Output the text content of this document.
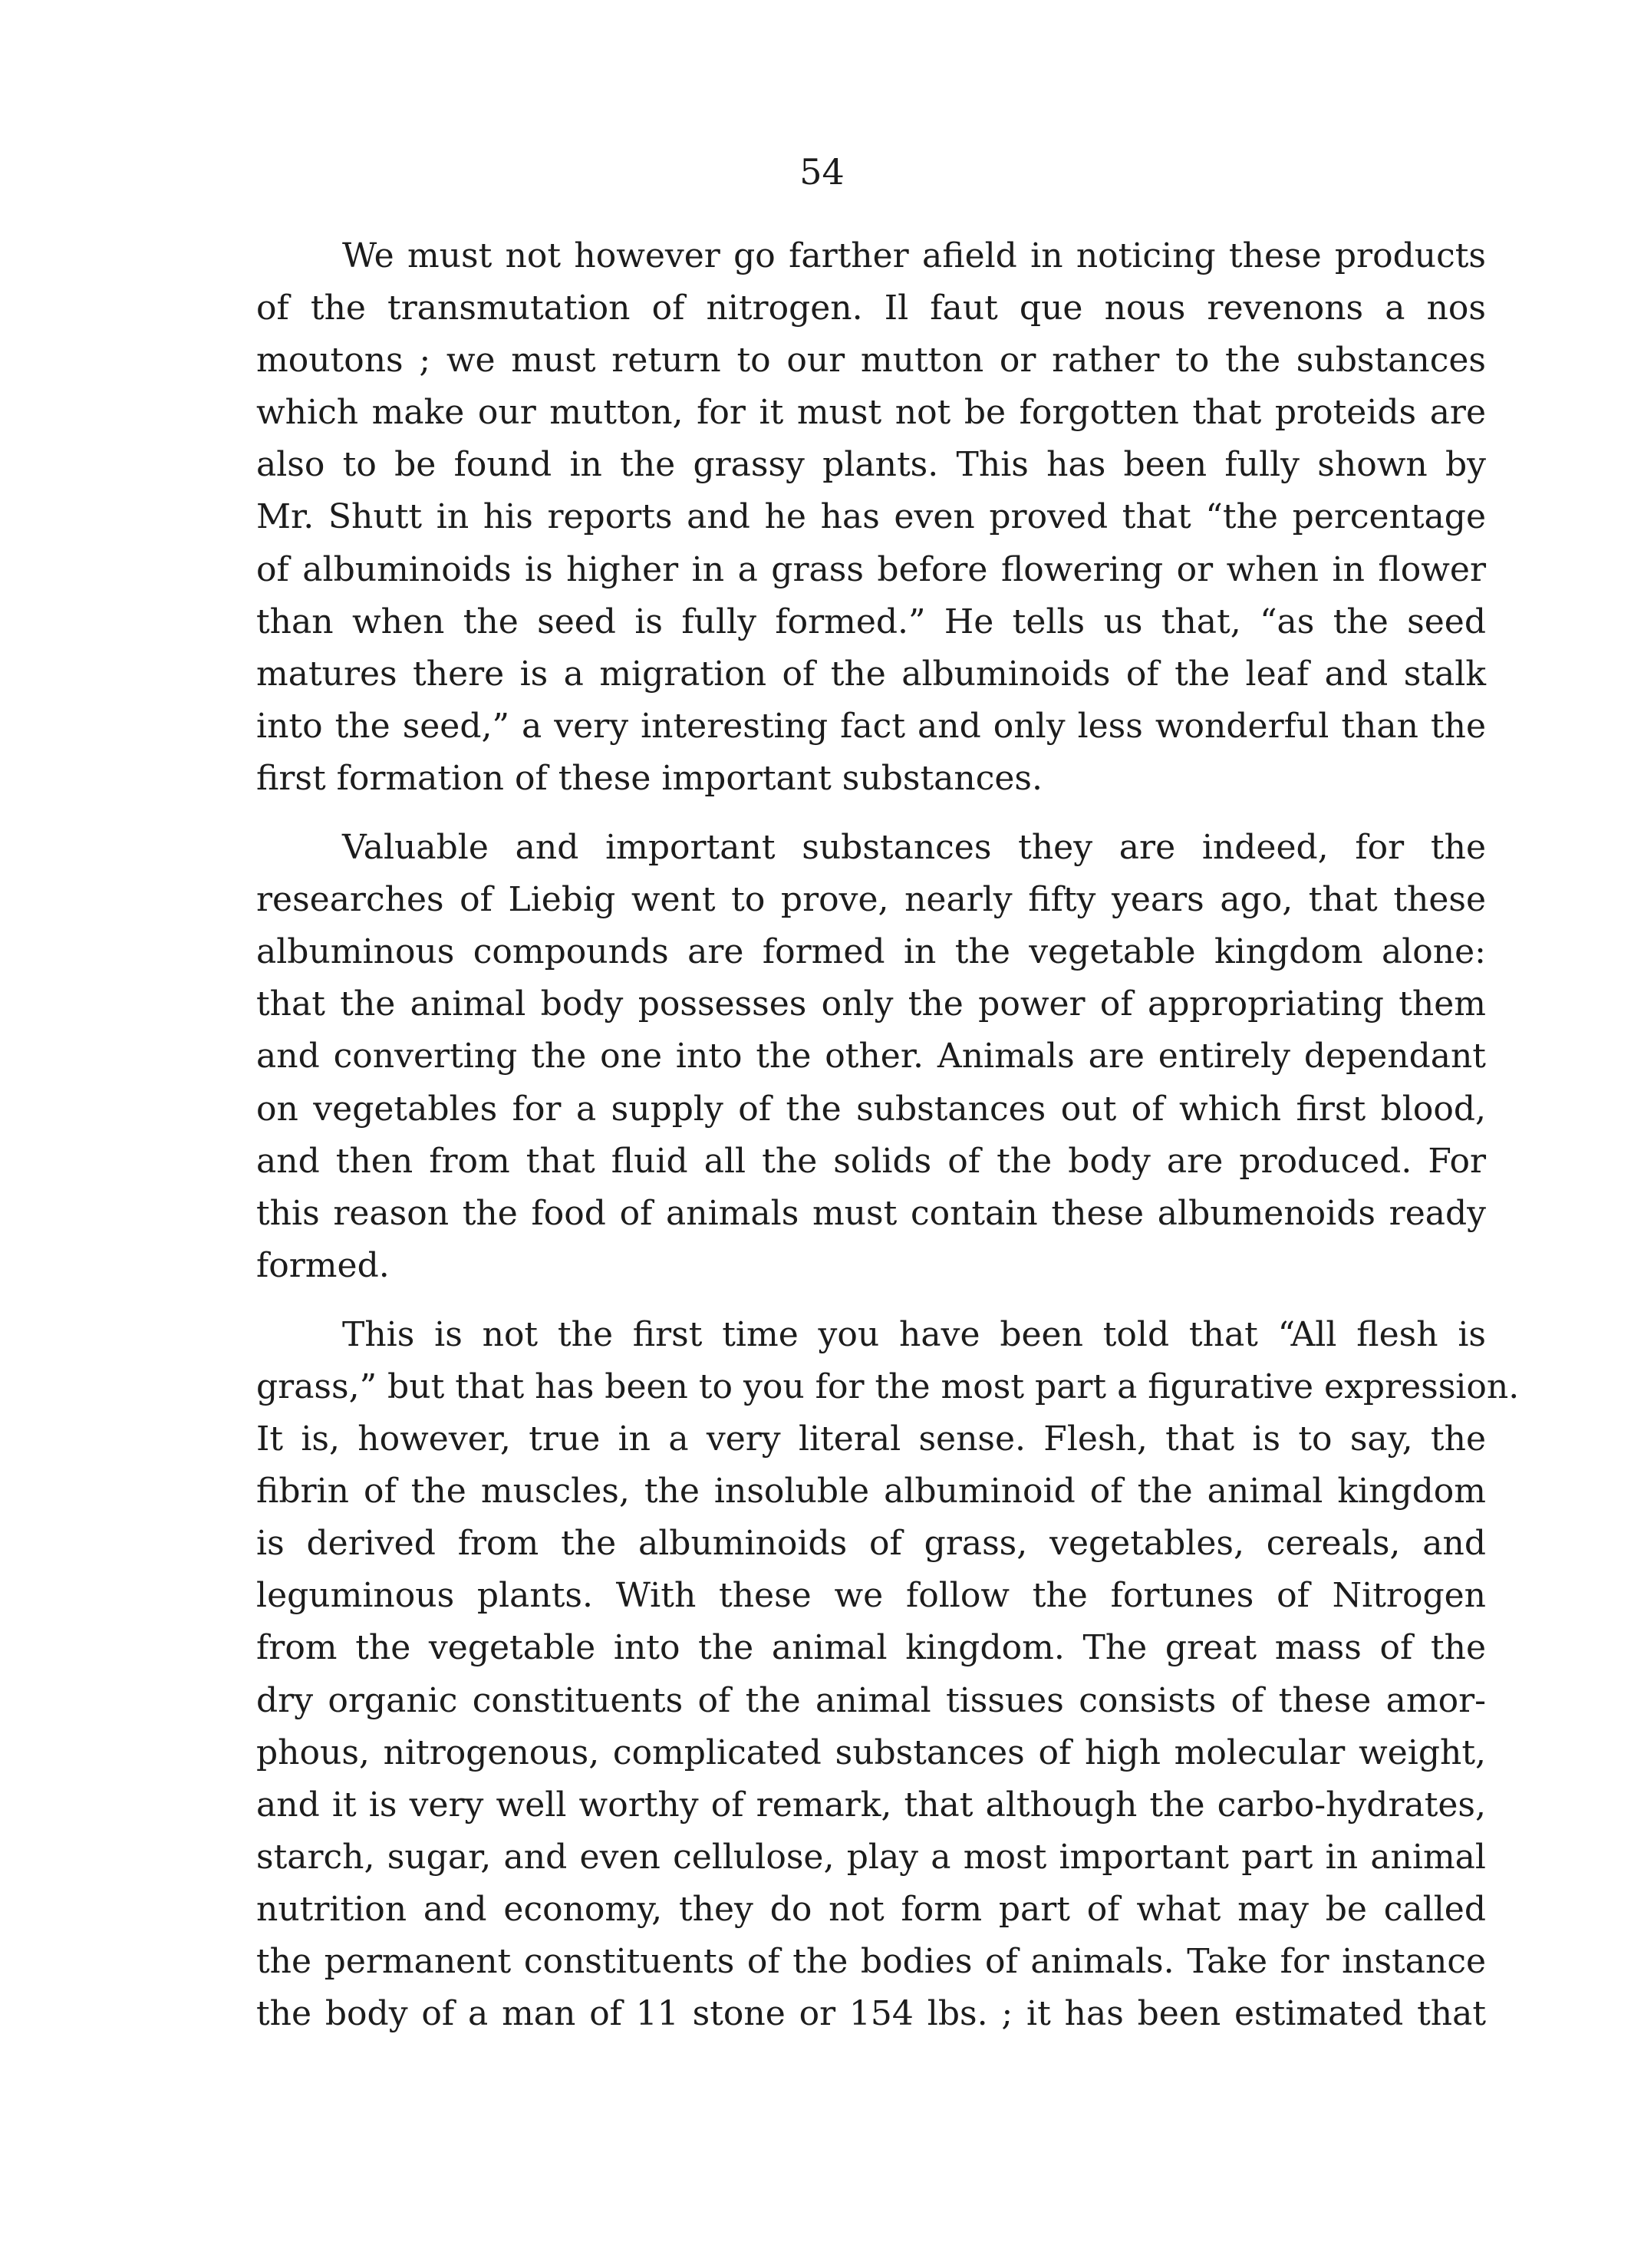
54
We must not however go farther afield in noticing these products
of the transmutation of nitrogen. Il faut que nous revenons a nos
moutons ; we must return to our mutton or rather to the substances
which make our mutton, for it must not be forgotten that proteids are
also to be found in the grassy plants. This has been fully shown by
Mr. Shutt in his reports and he has even proved that “the percentage
of albuminoids is higher in a grass before flowering or when in flower
than when the seed is fully formed.” He tells us that, “as the seed
matures there is a migration of the albuminoids of the leaf and stalk
into the seed,” a very interesting fact and only less wonderful than the
first formation of these important substances.
Valuable and important substances they are indeed, for the
researches of Liebig went to prove, nearly fifty years ago, that these
albuminous compounds are formed in the vegetable kingdom alone:
that the animal body possesses only the power of appropriating them
and converting the one into the other. Animals are entirely dependant
on vegetables for a supply of the substances out of which first blood,
and then from that fluid all the solids of the body are produced. For
this reason the food of animals must contain these albumenoids ready
formed.
This is not the first time you have been told that “All flesh is
grass,” but that has been to you for the most part a figurative expression.
It is, however, true in a very literal sense. Flesh, that is to say, the
fibrin of the muscles, the insoluble albuminoid of the animal kingdom
is derived from the albuminoids of grass, vegetables, cereals, and
leguminous plants. With these we follow the fortunes of Nitrogen
from the vegetable into the animal kingdom. The great mass of the
dry organic constituents of the animal tissues consists of these amor-
phous, nitrogenous, complicated substances of high molecular weight,
and it is very well worthy of remark, that although the carbo-hydrates,
starch, sugar, and even cellulose, play a most important part in animal
nutrition and economy, they do not form part of what may be called
the permanent constituents of the bodies of animals. Take for instance
the body of a man of 11 stone or 154 lbs. ; it has been estimated that
